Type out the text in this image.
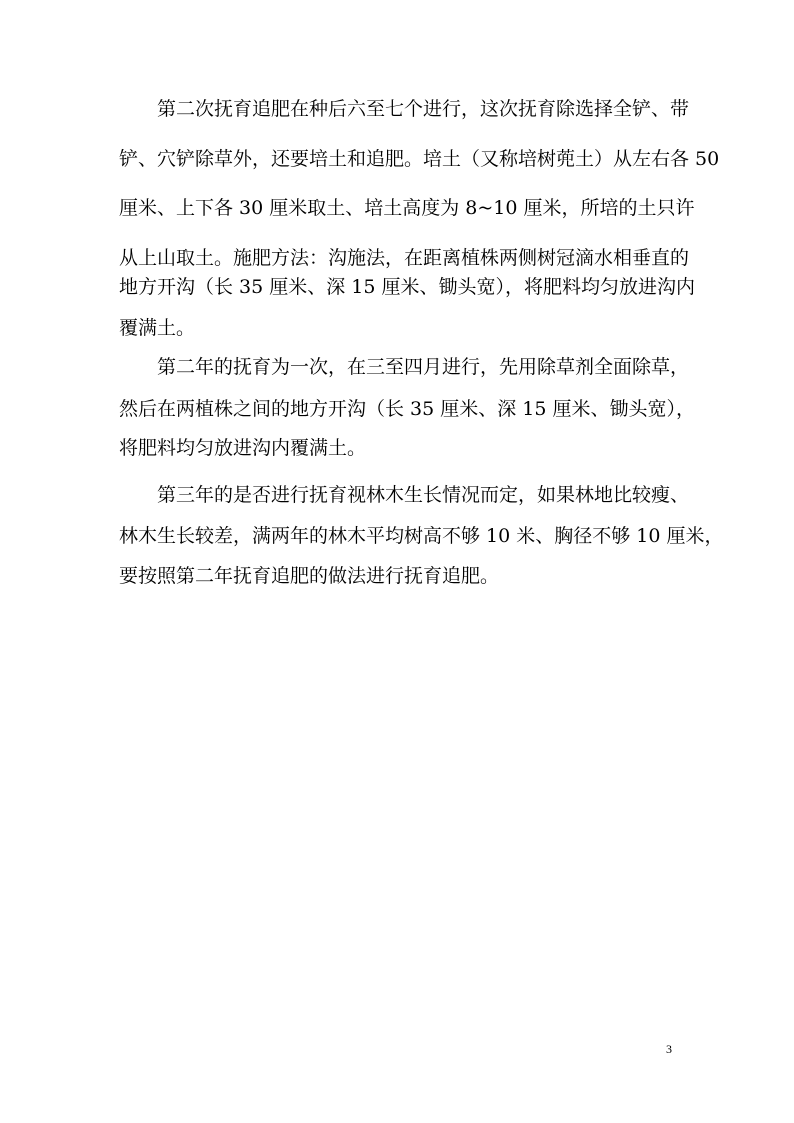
　　第二次抚育追肥在种后六至七个进行，这次抚育除选择全铲、带
铲、穴铲除草外，还要培土和追肥。培土（又称培树蔸土）从左右各 50
厘米、上下各 30 厘米取土、培土高度为 8~10 厘米，所培的土只许
从上山取土。施肥方法：沟施法，在距离植株两侧树冠滴水相垂直的
地方开沟（长 35 厘米、深 15 厘米、锄头宽），将肥料均匀放进沟内
覆满土。
　　第二年的抚育为一次，在三至四月进行，先用除草剂全面除草，
然后在两植株之间的地方开沟（长 35 厘米、深 15 厘米、锄头宽），
将肥料均匀放进沟内覆满土。
　　第三年的是否进行抚育视林木生长情况而定，如果林地比较瘦、
林木生长较差，满两年的林木平均树高不够 10 米、胸径不够 10 厘米，
要按照第二年抚育追肥的做法进行抚育追肥。
3
